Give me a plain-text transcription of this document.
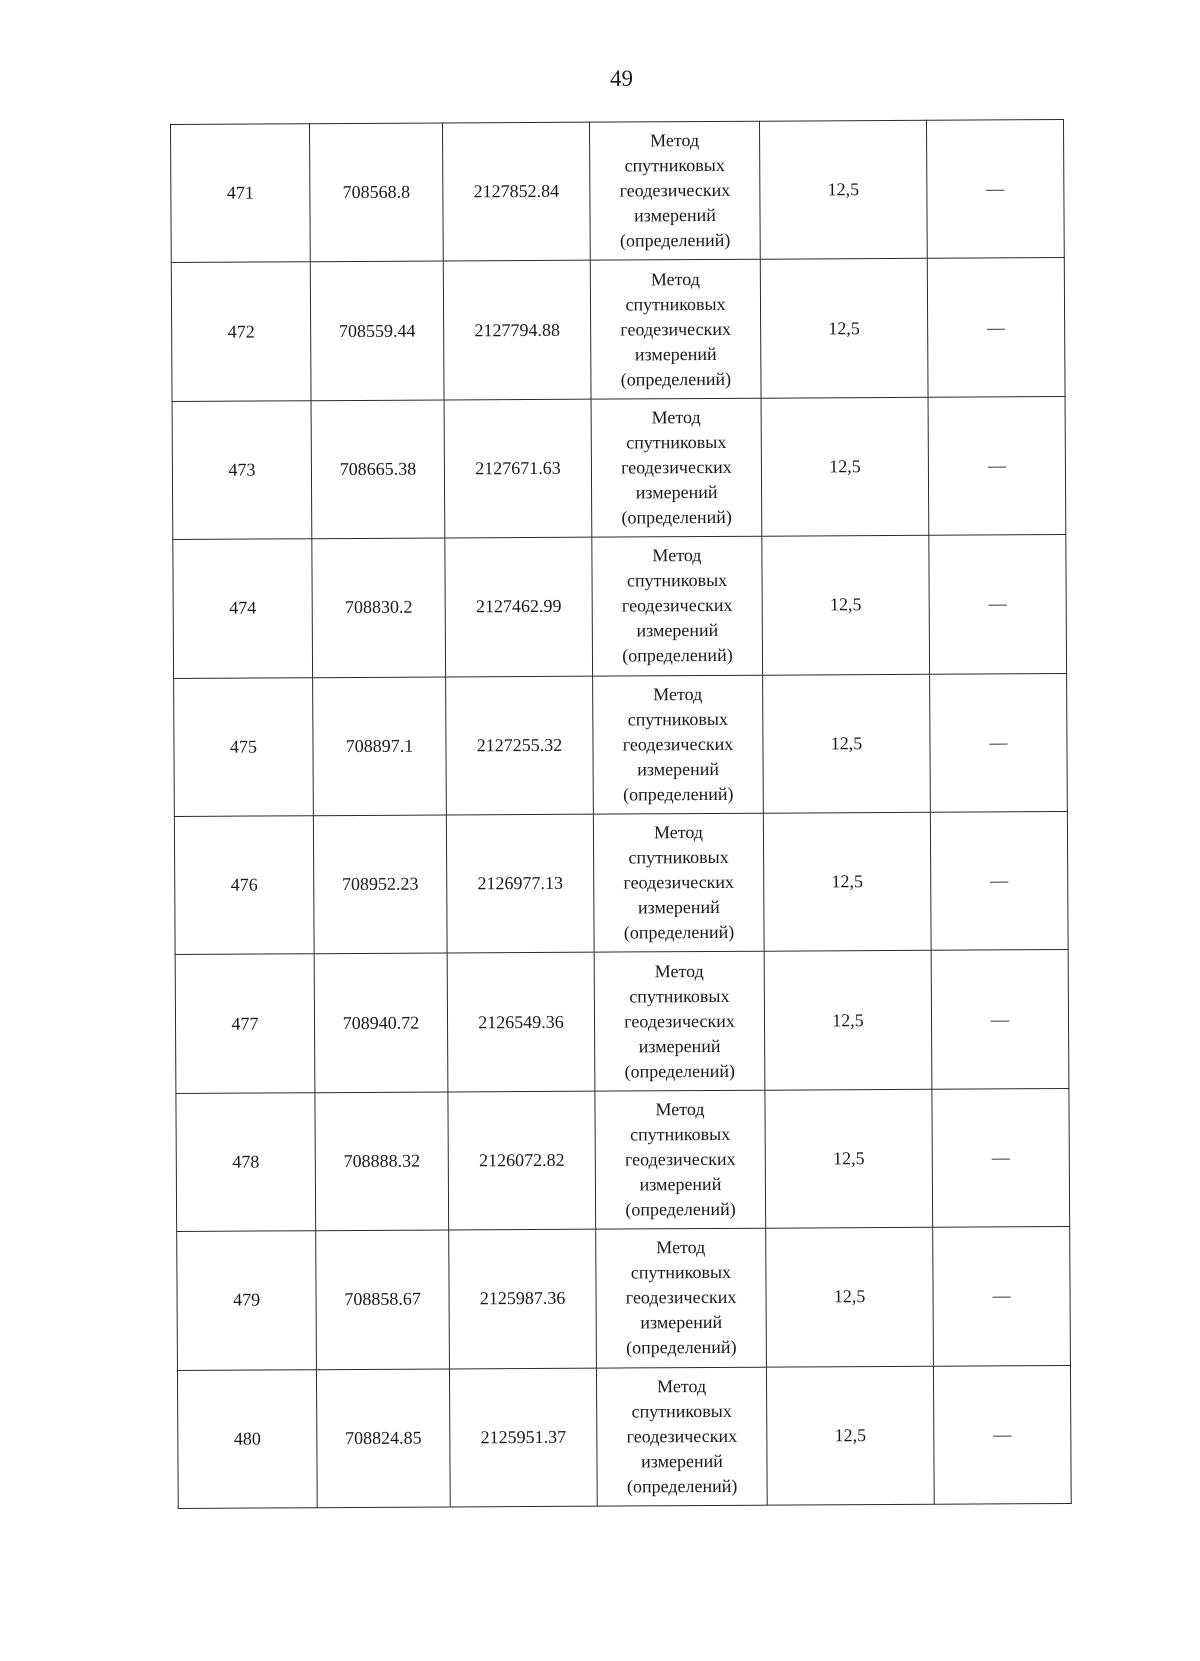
49
471	708568.8	2127852.84	Метод
спутниковых
геодезических
измерений
(определений)	12,5	—
472	708559.44	2127794.88	Метод
спутниковых
геодезических
измерений
(определений)	12,5	—
473	708665.38	2127671.63	Метод
спутниковых
геодезических
измерений
(определений)	12,5	—
474	708830.2	2127462.99	Метод
спутниковых
геодезических
измерений
(определений)	12,5	—
475	708897.1	2127255.32	Метод
спутниковых
геодезических
измерений
(определений)	12,5	—
476	708952.23	2126977.13	Метод
спутниковых
геодезических
измерений
(определений)	12,5	—
477	708940.72	2126549.36	Метод
спутниковых
геодезических
измерений
(определений)	12,5	—
478	708888.32	2126072.82	Метод
спутниковых
геодезических
измерений
(определений)	12,5	—
479	708858.67	2125987.36	Метод
спутниковых
геодезических
измерений
(определений)	12,5	—
480	708824.85	2125951.37	Метод
спутниковых
геодезических
измерений
(определений)	12,5	—
